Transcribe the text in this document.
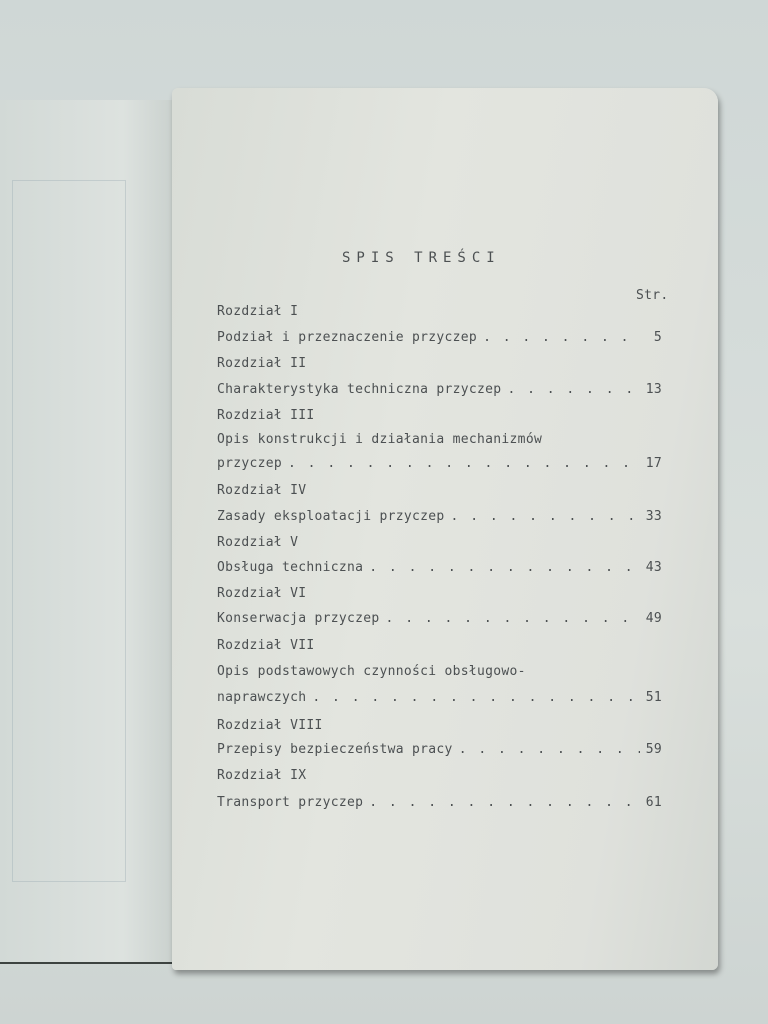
SPIS TREŚCI
Str.
Rozdział I
Podział i przeznaczenie przyczep . . .	5
Rozdział II
Charakterystyka techniczna przyczep . . .	13
Rozdział III
Opis konstrukcji i działania mechanizmów
przyczep . . .	17
Rozdział IV
Zasady eksploatacji przyczep . . .	33
Rozdział V
Obsługa techniczna . . .	43
Rozdział VI
Konserwacja przyczep . . .	49
Rozdział VII
Opis podstawowych czynności obsługowo-
naprawczych . . .	51
Rozdział VIII
Przepisy bezpieczeństwa pracy . . .	59
Rozdział IX
Transport przyczep . . .	61
